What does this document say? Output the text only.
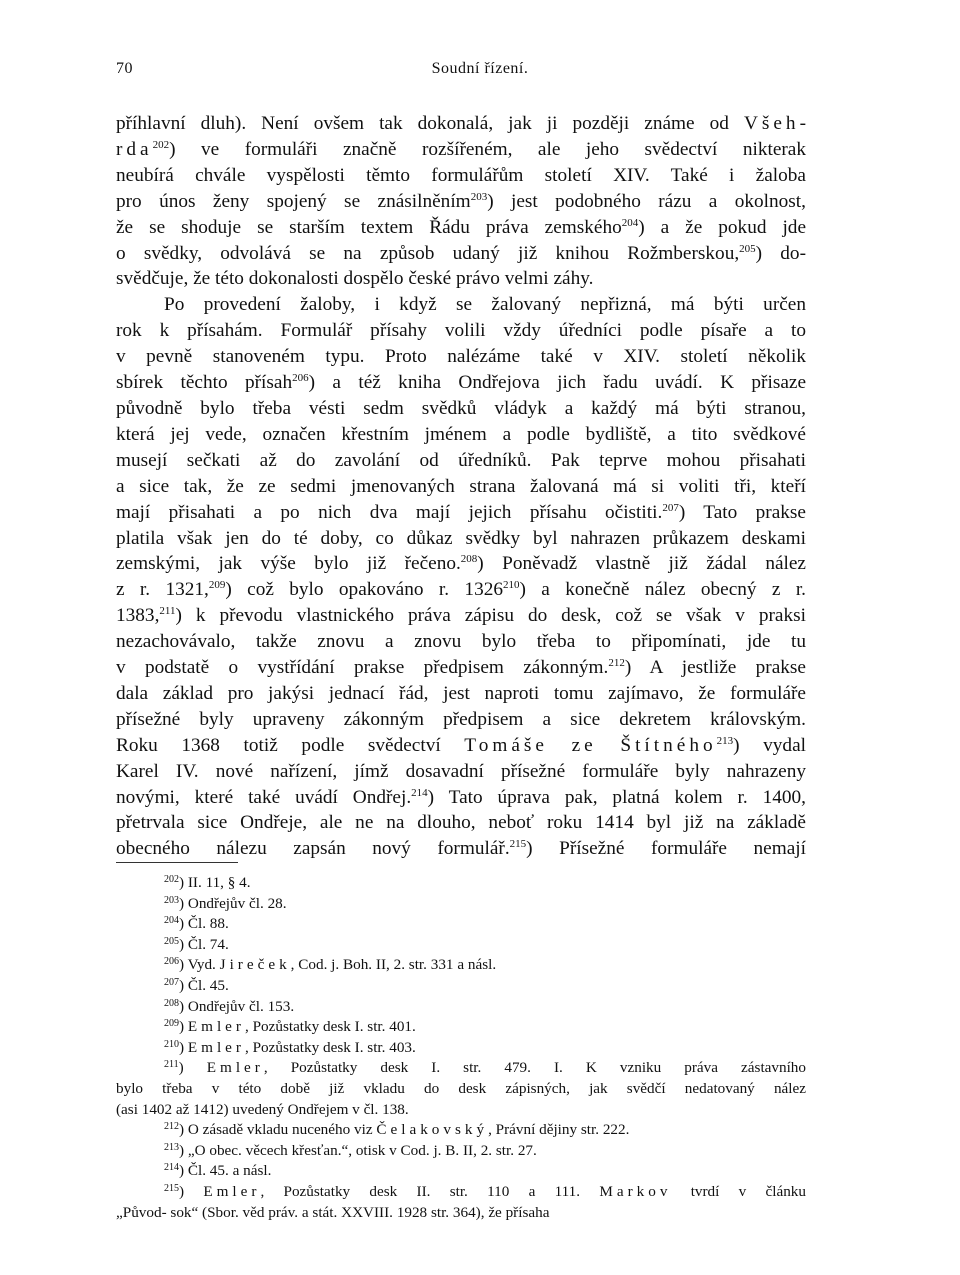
70	Soudní řízení.
příhlavní dluh). Není ovšem tak dokonalá, jak ji později známe od Všeh-
rda$^{202}$) ve formuláři značně rozšířeném, ale jeho svědectví nikterak
neubírá chvále vyspělosti těmto formulářům století XIV. Také i žaloba
pro únos ženy spojený se znásilněním$^{203}$) jest podobného rázu a okolnost,
že se shoduje se starším textem Řádu práva zemského$^{204}$) a že pokud jde
o svědky, odvolává se na způsob udaný již knihou Rožmberskou,$^{205}$) do-
svědčuje, že této dokonalosti dospělo české právo velmi záhy.
Po provedení žaloby, i když se žalovaný nepřizná, má býti určen
rok k přísahám. Formulář přísahy volili vždy úředníci podle písaře a to
v pevně stanoveném typu. Proto nalézáme také v XIV. století několik
sbírek těchto přísah$^{206}$) a též kniha Ondřejova jich řadu uvádí. K přisaze
původně bylo třeba vésti sedm svědků vládyk a každý má býti stranou,
která jej vede, označen křestním jménem a podle bydliště, a tito svědkové
musejí sečkati až do zavolání od úředníků. Pak teprve mohou přisahati
a sice tak, že ze sedmi jmenovaných strana žalovaná má si voliti tři, kteří
mají přisahati a po nich dva mají jejich přísahu očistiti.$^{207}$) Tato prakse
platila však jen do té doby, co důkaz svědky byl nahrazen průkazem deskami
zemskými, jak výše bylo již řečeno.$^{208}$) Poněvadž vlastně již žádal nález
z r. 1321,$^{209}$) což bylo opakováno r. 1326$^{210}$) a konečně nález obecný z r.
1383,$^{211}$) k převodu vlastnického práva zápisu do desk, což se však v praksi
nezachovávalo, takže znovu a znovu bylo třeba to připomínati, jde tu
v podstatě o vystřídání prakse předpisem zákonným.$^{212}$) A jestliže prakse
dala základ pro jakýsi jednací řád, jest naproti tomu zajímavo, že formuláře
přísežné byly upraveny zákonným předpisem a sice dekretem královským.
Roku 1368 totiž podle svědectví Tomáše ze Štítného$^{213}$) vydal
Karel IV. nové nařízení, jímž dosavadní přísežné formuláře byly nahrazeny
novými, které také uvádí Ondřej.$^{214}$) Tato úprava pak, platná kolem r. 1400,
přetrvala sice Ondřeje, ale ne na dlouho, neboť roku 1414 byl již na základě
obecného nálezu zapsán nový formulář.$^{215}$) Přísežné formuláře nemají
$^{202}$) II. 11, § 4.
$^{203}$) Ondřejův čl. 28.
$^{204}$) Čl. 88.
$^{205}$) Čl. 74.
$^{206}$) Vyd. Jireček, Cod. j. Boh. II, 2. str. 331 a násl.
$^{207}$) Čl. 45.
$^{208}$) Ondřejův čl. 153.
$^{209}$) Emler, Pozůstatky desk I. str. 401.
$^{210}$) Emler, Pozůstatky desk I. str. 403.
$^{211}$) Emler, Pozůstatky desk I. str. 479. I. K vzniku práva zástavního
bylo třeba v této době již vkladu do desk zápisných, jak svědčí nedatovaný nález
(asi 1402 až 1412) uvedený Ondřejem v čl. 138.
$^{212}$) O zásadě vkladu nuceného viz Čelakovský, Právní dějiny str. 222.
$^{213}$) „O obec. věcech křesťan.“, otisk v Cod. j. B. II, 2. str. 27.
$^{214}$) Čl. 45. a násl.
$^{215}$) Emler, Pozůstatky desk II. str. 110 a 111. Markov tvrdí v článku
„Původ- sok“ (Sbor. věd práv. a stát. XXVIII. 1928 str. 364), že přísaha
